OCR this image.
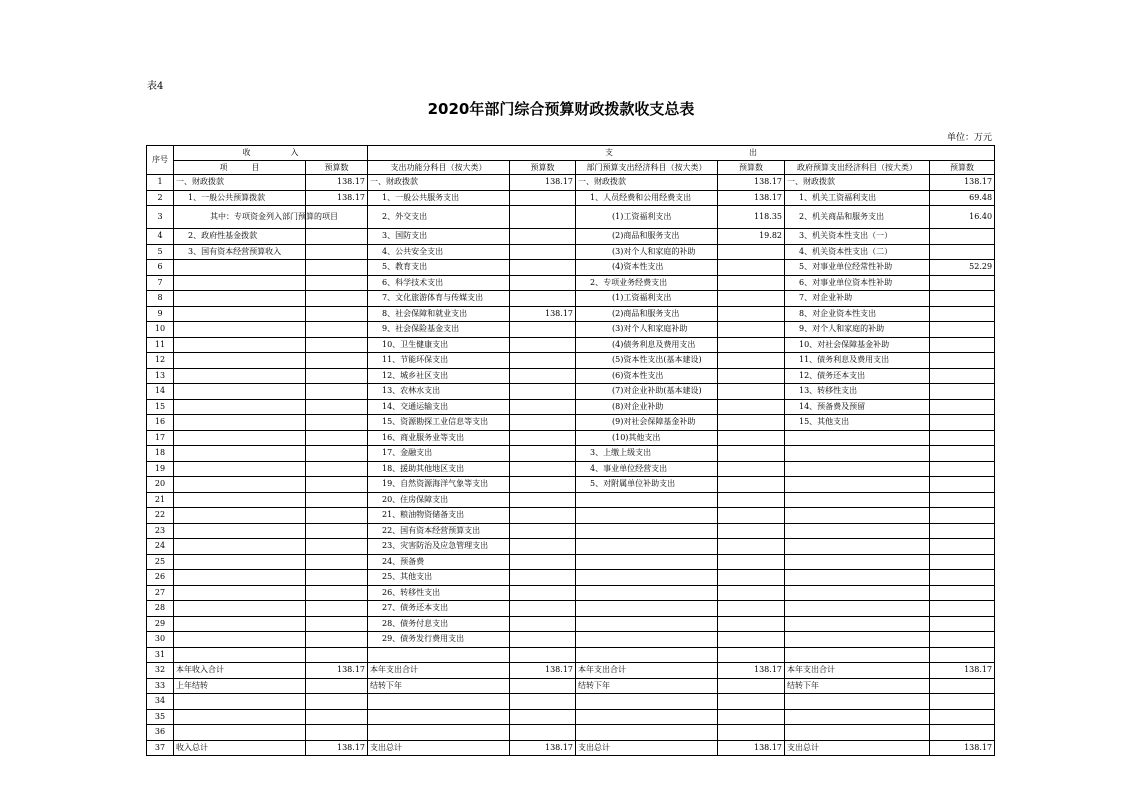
表4
2020年部门综合预算财政拨款收支总表
单位：万元
序号	收　　　　　入		支　　　　　　　　　　　　　　　　　出					
	项　　　目	预算数	支出功能分科目（按大类）	预算数	部门预算支出经济科目（按大类）	预算数	政府预算支出经济科目（按大类）	预算数
1	一、财政拨款	138.17	一、财政拨款	138.17	一、财政拨款	138.17	一、财政拨款	138.17
2	1、一般公共预算拨款	138.17	1、一般公共服务支出		1、人员经费和公用经费支出	138.17	1、机关工资福利支出	69.48
3	其中：专项资金列入部门预算的项目		2、外交支出		(1)工资福利支出	118.35	2、机关商品和服务支出	16.40
4	2、政府性基金拨款		3、国防支出		(2)商品和服务支出	19.82	3、机关资本性支出（一）	
5	3、国有资本经营预算收入		4、公共安全支出		(3)对个人和家庭的补助		4、机关资本性支出（二）	
6			5、教育支出		(4)资本性支出		5、对事业单位经常性补助	52.29
7			6、科学技术支出		2、专项业务经费支出		6、对事业单位资本性补助	
8			7、文化旅游体育与传媒支出		(1)工资福利支出		7、对企业补助	
9			8、社会保障和就业支出	138.17	(2)商品和服务支出		8、对企业资本性支出	
10			9、社会保险基金支出		(3)对个人和家庭补助		9、对个人和家庭的补助	
11			10、卫生健康支出		(4)债务利息及费用支出		10、对社会保障基金补助	
12			11、节能环保支出		(5)资本性支出(基本建设)		11、债务利息及费用支出	
13			12、城乡社区支出		(6)资本性支出		12、债务还本支出	
14			13、农林水支出		(7)对企业补助(基本建设)		13、转移性支出	
15			14、交通运输支出		(8)对企业补助		14、预备费及预留	
16			15、资源勘探工业信息等支出		(9)对社会保障基金补助		15、其他支出	
17			16、商业服务业等支出		(10)其他支出			
18			17、金融支出		3、上缴上级支出			
19			18、援助其他地区支出		4、事业单位经营支出			
20			19、自然资源海洋气象等支出		5、对附属单位补助支出			
21			20、住房保障支出					
22			21、粮油物资储备支出					
23			22、国有资本经营预算支出					
24			23、灾害防治及应急管理支出					
25			24、预备费					
26			25、其他支出					
27			26、转移性支出					
28			27、债务还本支出					
29			28、债务付息支出					
30			29、债务发行费用支出					
31								
32	本年收入合计	138.17	本年支出合计	138.17	本年支出合计	138.17	本年支出合计	138.17
33	上年结转		结转下年		结转下年		结转下年	
34								
35								
36								
37	收入总计	138.17	支出总计	138.17	支出总计	138.17	支出总计	138.17
